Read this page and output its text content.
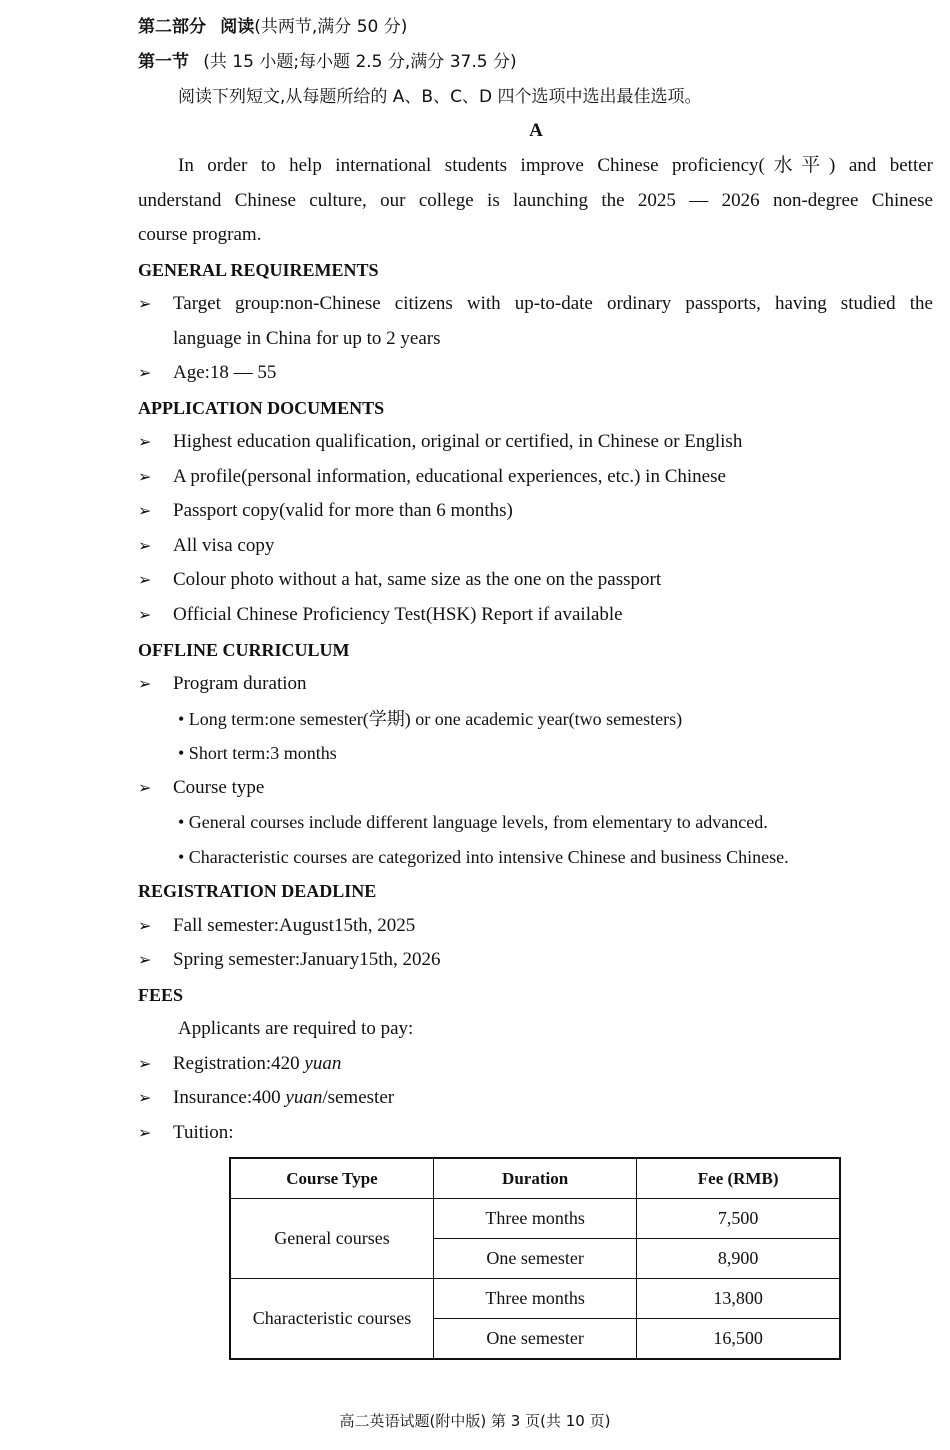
第二部分 阅读(共两节,满分 50 分)
第一节 (共 15 小题;每小题 2.5 分,满分 37.5 分)
阅读下列短文,从每题所给的 A、B、C、D 四个选项中选出最佳选项。
A
In order to help international students improve Chinese proficiency(水平) and better
understand Chinese culture, our college is launching the 2025 — 2026 non-degree Chinese
course program.
GENERAL REQUIREMENTS
➢ Target group:non-Chinese citizens with up-to-date ordinary passports, having studied the
language in China for up to 2 years
➢ Age:18 — 55
APPLICATION DOCUMENTS
➢ Highest education qualification, original or certified, in Chinese or English
➢ A profile(personal information, educational experiences, etc.) in Chinese
➢ Passport copy(valid for more than 6 months)
➢ All visa copy
➢ Colour photo without a hat, same size as the one on the passport
➢ Official Chinese Proficiency Test(HSK) Report if available
OFFLINE CURRICULUM
➢ Program duration
• Long term:one semester(学期) or one academic year(two semesters)
• Short term:3 months
➢ Course type
• General courses include different language levels, from elementary to advanced.
• Characteristic courses are categorized into intensive Chinese and business Chinese.
REGISTRATION DEADLINE
➢ Fall semester:August15th, 2025
➢ Spring semester:January15th, 2026
FEES
Applicants are required to pay:
➢ Registration:420 yuan
➢ Insurance:400 yuan/semester
➢ Tuition:
Course Type	Duration	Fee (RMB)
General courses	Three months	7,500
	One semester	8,900
Characteristic courses	Three months	13,800
	One semester	16,500
高二英语试题(附中版) 第 3 页(共 10 页)
